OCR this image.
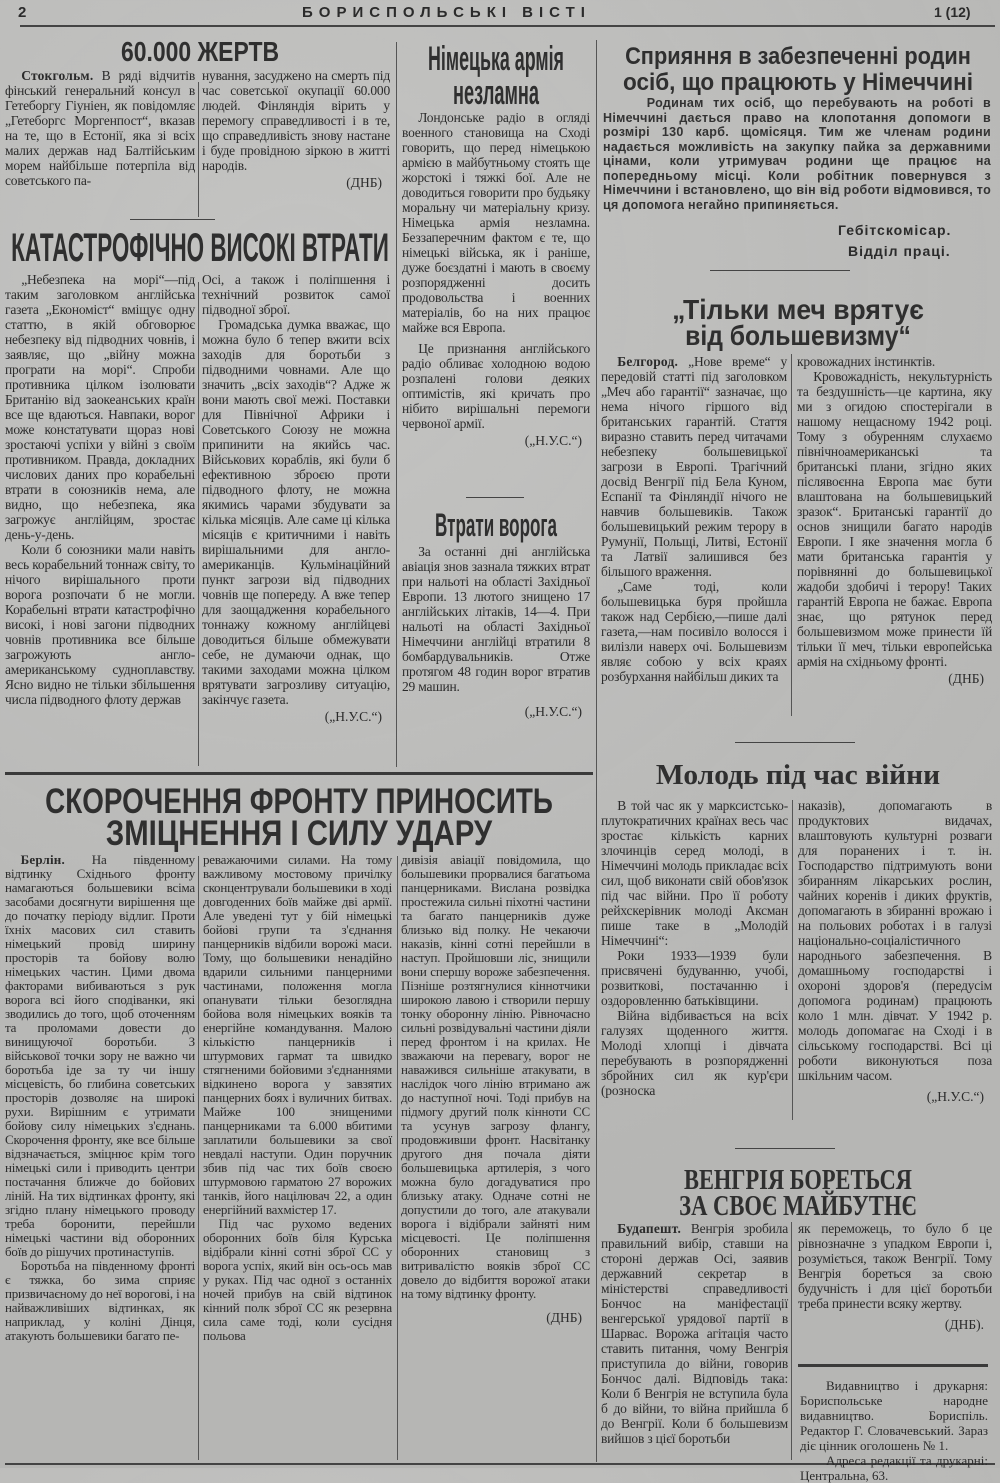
2	БОРИСПОЛЬСЬКІ ВІСТІ	1 (12)
60.000 ЖЕРТВ

Стокгольм. В ряді відчитів фінський генеральний консул в Гетеборгу Гіуніен, як повідомляє „Гетеборгс Моргенпост“, вказав на те, що в Естонії, яка зі всіх малих держав над Балтійським морем найбільше потерпіла від советського па-

нування, засуджено на смерть під час советської окупації 60.000 людей. Фінляндія вірить у перемогу справедливості і в те, що справедливість знову настане і буде провідною зіркою в житті народів.

(ДНБ)

КАТАСТРОФІЧНО ВИСОКІ ВТРАТИ

„Небезпека на морі“—під таким заголовком англійська газета „Економіст“ вміщує одну статтю, в якій обговорює небезпеку від підводних човнів, і заявляє, що „війну можна програти на морі“. Спроби противника цілком ізолювати Британію від заокеанських країн все ще вдаються. Навпаки, ворог може констатувати щораз нові зростаючі успіхи у війні з своїм противником. Правда, докладних числових даних про корабельні втрати в союзників нема, але видно, що небезпека, яка загрожує англійцям, зростає день-у-день.

Коли б союзники мали навіть весь корабельний тоннаж світу, то нічого вирішального проти ворога розпочати б не могли. Корабельні втрати катастрофічно високі, і нові загони підводних човнів противника все більше загрожують англо-американському судноплавству. Ясно видно не тільки збільшення числа підводного флоту держав

Осі, а також і поліпшення і технічний розвиток самої підводної зброї.

Громадська думка вважає, що можна було б тепер вжити всіх заходів для боротьби з підводними човнами. Але що значить „всіх заходів“? Адже ж вони мають свої межі. Поставки для Північної Африки і Советського Союзу не можна припинити на якийсь час. Військових кораблів, які були б ефективною зброєю проти підводного флоту, не можна якимись чарами збудувати за кілька місяців. Але саме ці кілька місяців є критичними і навіть вирішальними для англо-американців. Кульмінаційний пункт загрози від підводних човнів ще попереду. А вже тепер для заощадження корабельного тоннажу кожному англійцеві доводиться більше обмежувати себе, не думаючи однак, що такими заходами можна цілком врятувати загрозливу ситуацію, закінчує газета.

(„Н.У.С.“)

Німецька армія
незламна

Лондонське радіо в огляді военного становища на Сході говорить, що перед німецькою армією в майбутньому стоять ще жорстокі і тяжкі бої. Але не доводиться говорити про будьяку моральну чи матеріальну кризу. Німецька армія незламна. Беззаперечним фактом є те, що німецькі війська, як і раніше, дуже боєздатні і мають в своєму розпорядженні досить продовольства і военних матеріалів, бо на них працює майже вся Европа.

Це признання англійського радіо обливає холодною водою розпалені голови деяких оптимістів, які кричать про нібито вирішальні перемоги червоної армії.

(„Н.У.С.“)

Втрати ворога

За останні дні англійська авіація знов зазнала тяжких втрат при нальоті на області Західньої Европи. 13 лютого знищено 17 англійських літаків, 14—4. При нальоті на області Західньої Німеччини англійці втратили 8 бомбардувальників. Отже протягом 48 годин ворог втратив 29 машин.

(„Н.У.С.“)

Сприяння в забезпеченні родин
осіб, що працюють у Німеччині

Родинам тих осіб, що перебувають на роботі в Німеччині дається право на клопотання допомоги в розмірі 130 карб. щомісяця. Тим же членам родини надається можливість на закупку пайка за державними цінами, коли утримувач родини ще працює на попередньому місці. Коли робітник повернувся з Німеччини і встановлено, що він від роботи відмовився, то ця допомога негайно припиняється.

Гебітскомісар.
Відділ праці.
„Тільки меч врятує
від большевизму“

Белгород. „Нове време“ у передовій статті під заголовком „Меч або гарантії“ зазначає, що нема нічого гіршого від британських гарантій. Стаття виразно ставить перед читачами небезпеку большевицької загрози в Европі. Трагічний досвід Венгрії під Бела Куном, Еспанії та Фінляндії нічого не навчив большевиків. Також большевицький режим терору в Румунії, Польщі, Литві, Естонії та Латвії залишився без більшого враження.

„Саме тоді, коли большевицька буря пройшла також над Сербією,—пише далі газета,—нам посивіло волосся і вилізли наверх очі. Большевизм являє собою у всіх краях розбурхання найбільш диких та

кровожадних інстинктів.

Кровожадність, некультурність та бездушність—це картина, яку ми з огидою спостерігали в нашому нещасному 1942 році. Тому з обуренням слухаємо північноамериканські та британські плани, згідно яких післявоєнна Европа має бути влаштована на большевицький зразок“. Британські гарантії до основ знищили багато народів Европи. І яке значення могла б мати британська гарантія у порівнянні до большевицької жадоби здобичі і терору! Таких гарантій Европа не бажає. Европа знає, що рятунок перед большевизмом може принести їй тільки її меч, тільки европейська армія на східньому фронті.

(ДНБ)

СКОРОЧЕННЯ ФРОНТУ ПРИНОСИТЬ
ЗМІЦНЕННЯ І СИЛУ УДАРУ

Берлін. На південному відтинку Східнього фронту намагаються большевики всіма засобами досягнути вирішення ще до початку періоду відлиг. Проти їхніх масових сил ставить німецький провід ширину просторів та бойову волю німецьких частин. Цими двома факторами вибиваються з рук ворога всі його сподіванки, які зводились до того, щоб оточенням та проломами довести до винищуючої боротьби. З військової точки зору не важно чи боротьба іде за ту чи іншу місцевість, бо глибина советських просторів дозволяє на широкі рухи. Вирішним є утримати бойову силу німецьких з'єднань. Скорочення фронту, яке все більше відзначається, зміцнює крім того німецькі сили і приводить центри постачання ближче до бойових ліній. На тих відтинках фронту, які згідно плану німецького проводу треба боронити, перейшли німецькі частини від оборонних боїв до рішучих протинаступів.

Боротьба на південному фронті є тяжка, бо зима сприяє призвичаєному до неї ворогові, і на найважливіших відтинках, як наприклад, у коліні Дінця, атакують большевики багато пе-

реважаючими силами. На тому важливому мостовому причілку сконцентрували большевики в ході довгоденних боїв майже дві армії. Але уведені тут у бій німецькі бойові групи та з'єднання панцерників відбили ворожі маси. Тому, що большевики ненадійно вдарили сильними панцерними частинами, положення могла опанувати тільки безоглядна бойова воля німецьких вояків та енергійне командування. Малою кількістю панцерників і штурмових гармат та швидко стягненими бойовими з'єднаннями відкинено ворога у завзятих панцерних боях і вуличних битвах. Майже 100 знищеними панцерниками та 6.000 вбитими заплатили большевики за свої невдалі наступи. Один поручник збив під час тих боїв своєю штурмовою гарматою 27 ворожих танків, його націлювач 22, а один енергійний вахмістер 17.

Під час рухомо ведених оборонних боїв біля Курська відібрали кінні сотні зброї СС у ворога успіх, який він ось-ось мав у руках. Під час одної з останніх ночей прибув на свій відтинок кінний полк зброї СС як резервна сила саме тоді, коли сусідня польова

дивізія авіації повідомила, що большевики прорвалися багатьома панцерниками. Вислана розвідка простежила сильні піхотні частини та багато панцерників дуже близько від полку. Не чекаючи наказів, кінні сотні перейшли в наступ. Пройшовши ліс, знищили вони спершу вороже забезпечення. Пізніше розтягнулися кіннотчики широкою лавою і створили першу тонку оборонну лінію. Рівночасно сильні розвідувальні частини діяли перед фронтом і на крилах. Не зважаючи на перевагу, ворог не наважився сильніше атакувати, в наслідок чого лінію втримано аж до наступної ночі. Тоді прибув на підмогу другий полк кінноти СС та усунув загрозу флангу, продовживши фронт. Насвітанку другого дня почала діяти большевицька артилерія, з чого можна було догадуватися про близьку атаку. Одначе сотні не допустили до того, але атакували ворога і відібрали зайняті ним місцевості. Це поліпшення оборонних становищ з витривалістю вояків зброї СС довело до відбиття ворожої атаки на тому відтинку фронту.

(ДНБ)

Молодь під час війни

В той час як у марксистсько-плутократичних країнах весь час зростає кількість карних злочинців серед молоді, в Німеччині молодь прикладає всіх сил, щоб виконати свій обов'язок під час війни. Про її роботу рейхскерівник молоді Аксман пише таке в „Молодій Німеччині“:

Роки 1933—1939 були присвячені будуванню, учобі, розвиткові, постачанню і оздоровленню батьківщини.

Війна відбивається на всіх галузях щоденного життя. Молоді хлопці і дівчата перебувають в розпорядженні збройних сил як кур'єри (розноска

наказів), допомагають в продуктових видачах, влаштовують культурні розваги для поранених і т. ін. Господарство підтримують вони збиранням лікарських рослин, чайних коренів і диких фруктів, допомагають в збиранні врожаю і на польових роботах і в галузі національно-соціалістичного народнього забезпечення. В домашньому господарстві і охороні здоров'я (передусім допомога родинам) працюють коло 1 млн. дівчат. У 1942 р. молодь допомагає на Сході і в сільському господарстві. Всі ці роботи виконуються поза шкільним часом.

(„Н.У.С.“)

ВЕНГРІЯ БОРЕТЬСЯ
ЗА СВОЄ МАЙБУТНЄ

Будапешт. Венгрія зробила правильний вибір, ставши на стороні держав Осі, заявив державний секретар в міністерстві справедливості Бончос на маніфестації венгерської урядової партії в Шарвас. Ворожа агітація часто ставить питання, чому Венгрія приступила до війни, говорив Бончос далі. Відповідь така: Коли б Венгрія не вступила була б до війни, то війна прийшла б до Венгрії. Коли б большевизм вийшов з цієї боротьби

як переможець, то було б це рівнозначне з упадком Европи і, розуміється, також Венгрії. Тому Венгрія бореться за свою будучність і для цієї боротьби треба принести всяку жертву.

(ДНБ).

Видавництво і друкарня: Бориспольське народне видавництво. Бориспіль. Редактор Г. Словачевський. Зараз діє цінник оголошень № 1.

Адреса редакції та друкарні: Центральна, 63.
